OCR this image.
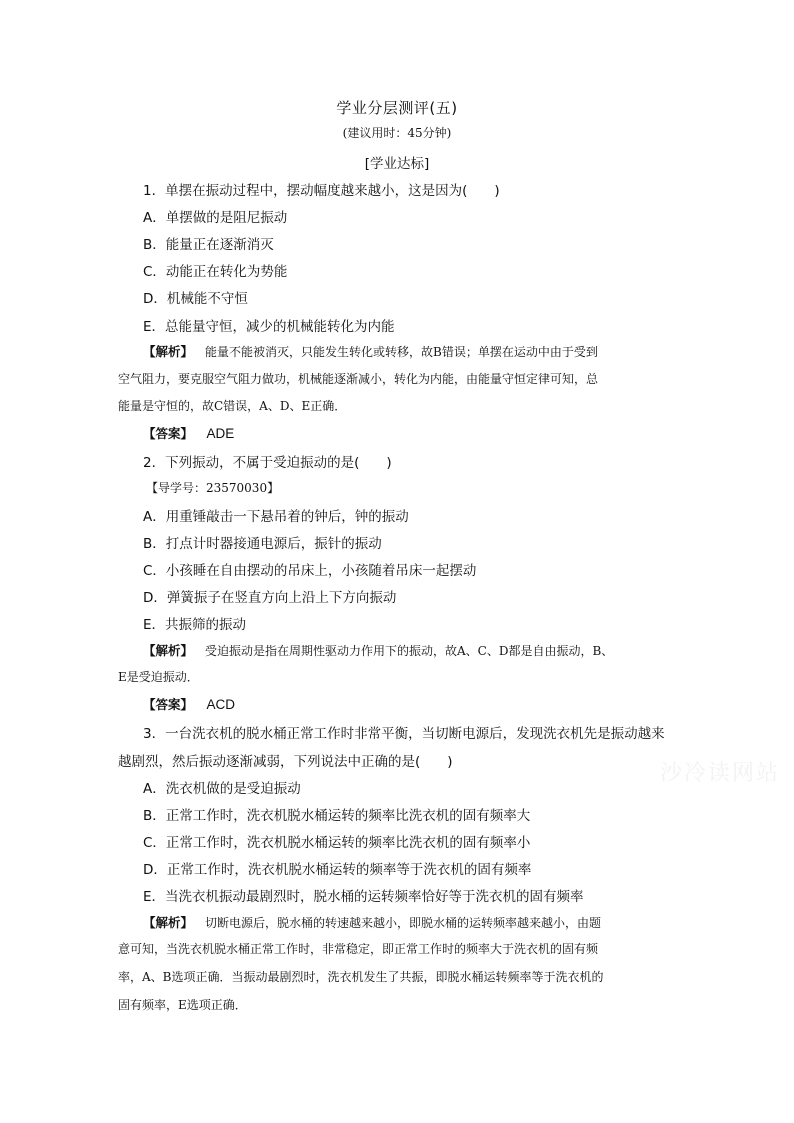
学业分层测评(五)
(建议用时：45分钟)
[学业达标]
1．单摆在振动过程中，摆动幅度越来越小，这是因为(　　)
A．单摆做的是阻尼振动
B．能量正在逐渐消灭
C．动能正在转化为势能
D．机械能不守恒
E．总能量守恒，减少的机械能转化为内能
【解析】  能量不能被消灭，只能发生转化或转移，故B错误；单摆在运动中由于受到
空气阻力，要克服空气阻力做功，机械能逐渐减小，转化为内能，由能量守恒定律可知，总
能量是守恒的，故C错误，A、D、E正确．
【答案】  ADE
2．下列振动，不属于受迫振动的是(　　)
【导学号：23570030】
A．用重锤敲击一下悬吊着的钟后，钟的振动
B．打点计时器接通电源后，振针的振动
C．小孩睡在自由摆动的吊床上，小孩随着吊床一起摆动
D．弹簧振子在竖直方向上沿上下方向振动
E．共振筛的振动
【解析】  受迫振动是指在周期性驱动力作用下的振动，故A、C、D都是自由振动，B、
E是受迫振动．
【答案】  ACD
3．一台洗衣机的脱水桶正常工作时非常平衡，当切断电源后，发现洗衣机先是振动越来
越剧烈，然后振动逐渐减弱，下列说法中正确的是(　　)
A．洗衣机做的是受迫振动
B．正常工作时，洗衣机脱水桶运转的频率比洗衣机的固有频率大
C．正常工作时，洗衣机脱水桶运转的频率比洗衣机的固有频率小
D．正常工作时，洗衣机脱水桶运转的频率等于洗衣机的固有频率
E．当洗衣机振动最剧烈时，脱水桶的运转频率恰好等于洗衣机的固有频率
【解析】  切断电源后，脱水桶的转速越来越小，即脱水桶的运转频率越来越小，由题
意可知，当洗衣机脱水桶正常工作时，非常稳定，即正常工作时的频率大于洗衣机的固有频
率，A、B选项正确．当振动最剧烈时，洗衣机发生了共振，即脱水桶运转频率等于洗衣机的
固有频率，E选项正确．
沙冷读网站
